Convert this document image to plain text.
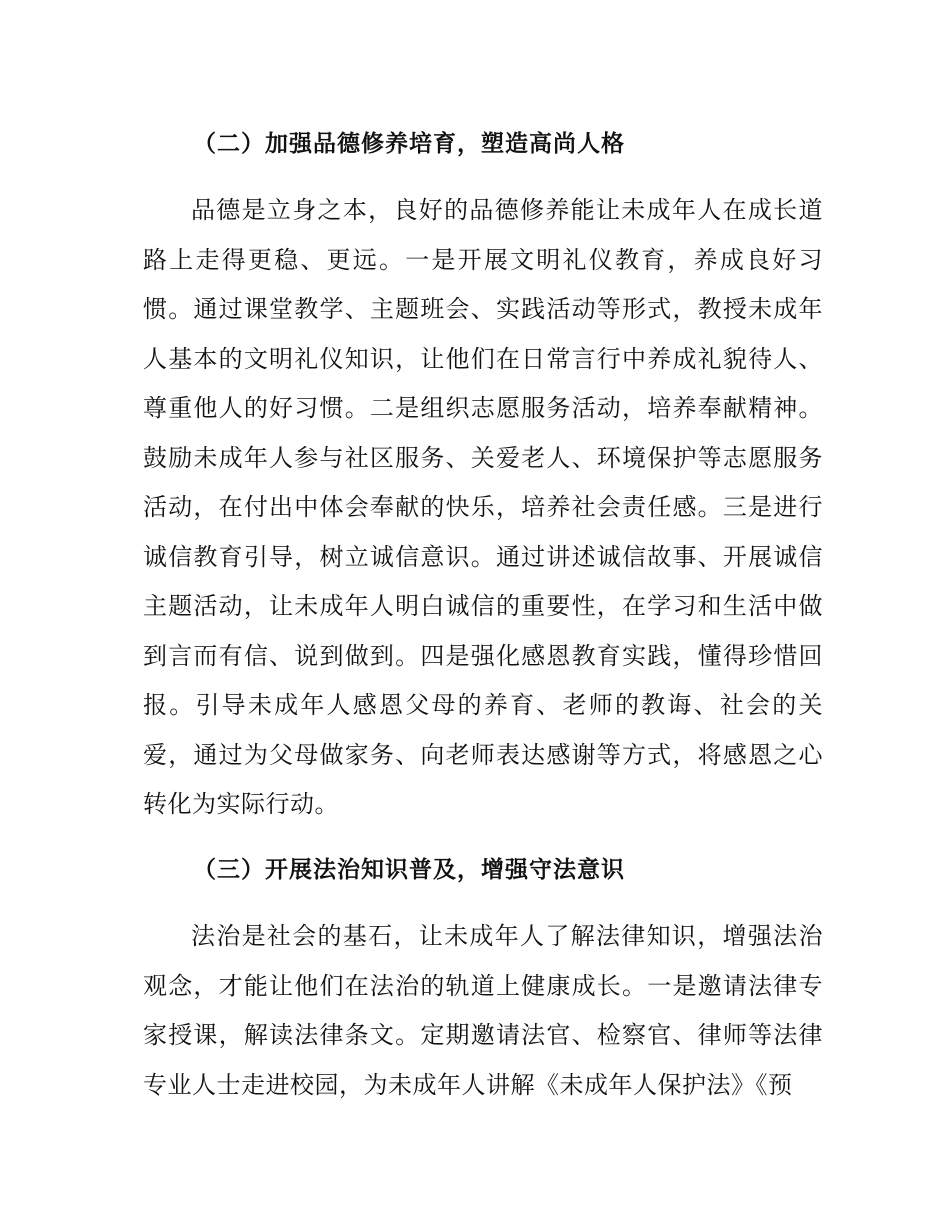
（二）加强品德修养培育，塑造高尚人格

品德是立身之本，良好的品德修养能让未成年人在成长道路上走得更稳、更远。一是开展文明礼仪教育，养成良好习惯。通过课堂教学、主题班会、实践活动等形式，教授未成年人基本的文明礼仪知识，让他们在日常言行中养成礼貌待人、尊重他人的好习惯。二是组织志愿服务活动，培养奉献精神。鼓励未成年人参与社区服务、关爱老人、环境保护等志愿服务活动，在付出中体会奉献的快乐，培养社会责任感。三是进行诚信教育引导，树立诚信意识。通过讲述诚信故事、开展诚信主题活动，让未成年人明白诚信的重要性，在学习和生活中做到言而有信、说到做到。四是强化感恩教育实践，懂得珍惜回报。引导未成年人感恩父母的养育、老师的教诲、社会的关爱，通过为父母做家务、向老师表达感谢等方式，将感恩之心转化为实际行动。

（三）开展法治知识普及，增强守法意识

法治是社会的基石，让未成年人了解法律知识，增强法治观念，才能让他们在法治的轨道上健康成长。一是邀请法律专家授课，解读法律条文。定期邀请法官、检察官、律师等法律专业人士走进校园，为未成年人讲解《未成年人保护法》《预
